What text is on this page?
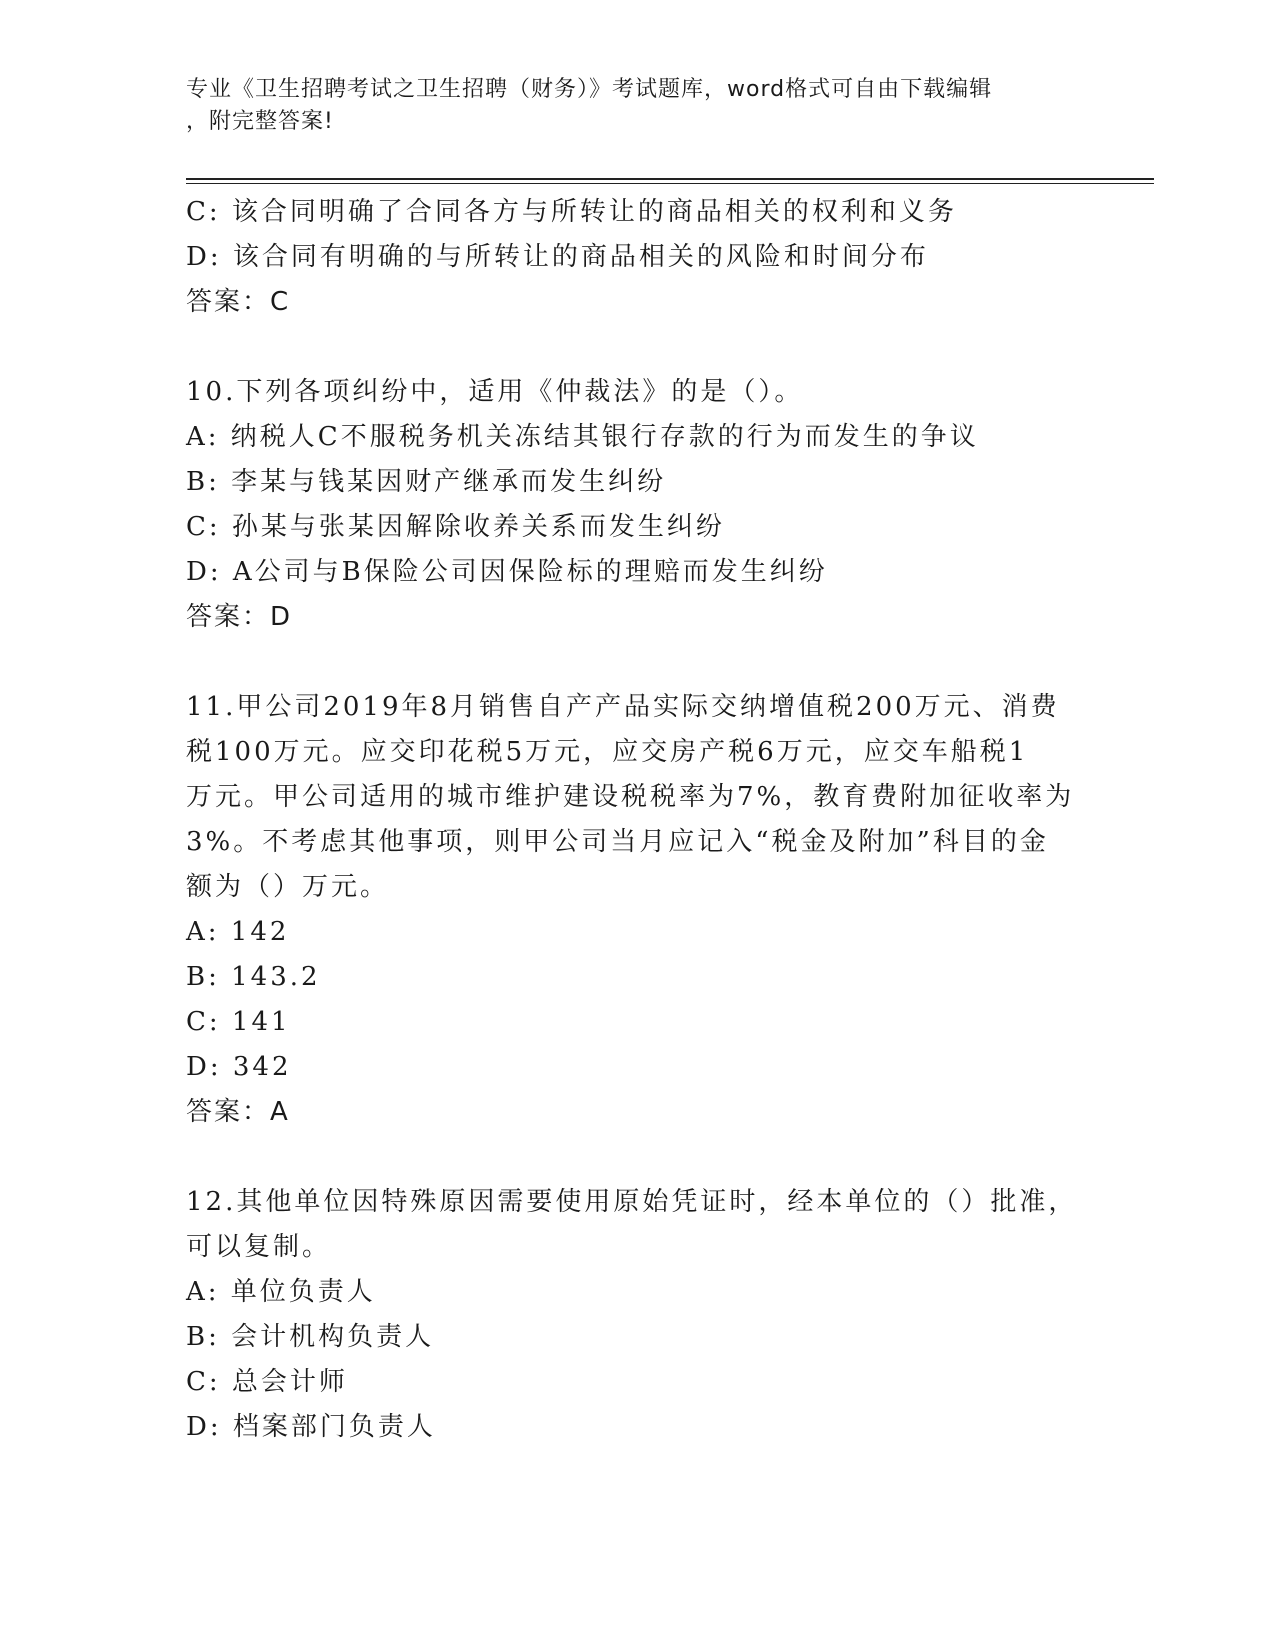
专业《卫生招聘考试之卫生招聘（财务）》考试题库，word格式可自由下载编辑
，附完整答案!
C: 该合同明确了合同各方与所转让的商品相关的权利和义务
D: 该合同有明确的与所转让的商品相关的风险和时间分布
答案：C
10.下列各项纠纷中，适用《仲裁法》的是（）。
A: 纳税人C不服税务机关冻结其银行存款的行为而发生的争议
B: 李某与钱某因财产继承而发生纠纷
C: 孙某与张某因解除收养关系而发生纠纷
D: A公司与B保险公司因保险标的理赔而发生纠纷
答案：D
11.甲公司2019年8月销售自产产品实际交纳增值税200万元、消费
税100万元。应交印花税5万元，应交房产税6万元，应交车船税1
万元。甲公司适用的城市维护建设税税率为7%，教育费附加征收率为
3%。不考虑其他事项，则甲公司当月应记入“税金及附加”科目的金
额为（）万元。
A: 142
B: 143.2
C: 141
D: 342
答案：A
12.其他单位因特殊原因需要使用原始凭证时，经本单位的（）批准，
可以复制。
A: 单位负责人
B: 会计机构负责人
C: 总会计师
D: 档案部门负责人
